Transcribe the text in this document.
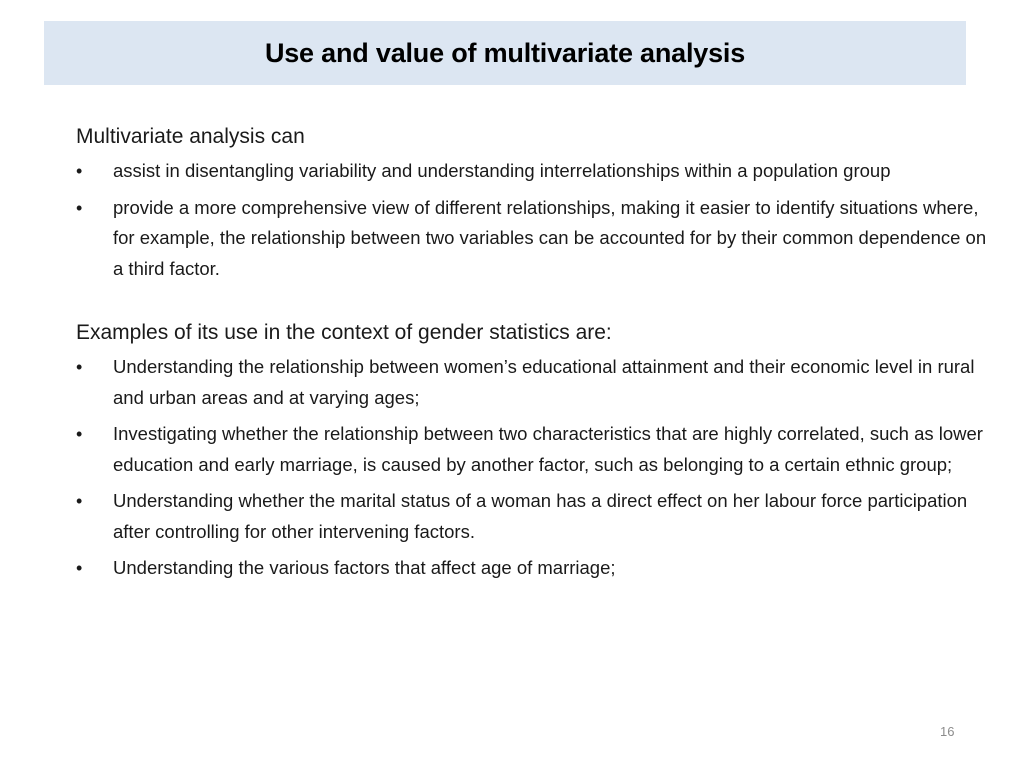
Use and value of multivariate analysis

Multivariate analysis can

• assist in disentangling variability and understanding interrelationships within a population group
• provide a more comprehensive view of different relationships, making it easier to identify situations where, for example, the relationship between two variables can be accounted for by their common dependence on a third factor.

Examples of its use in the context of gender statistics are:

• Understanding the relationship between women’s educational attainment and their economic level in rural and urban areas and at varying ages;
• Investigating whether the relationship between two characteristics that are highly correlated, such as lower education and early marriage, is caused by another factor, such as belonging to a certain ethnic group;
• Understanding whether the marital status of a woman has a direct effect on her labour force participation after controlling for other intervening factors.
• Understanding the various factors that affect age of marriage;
16
